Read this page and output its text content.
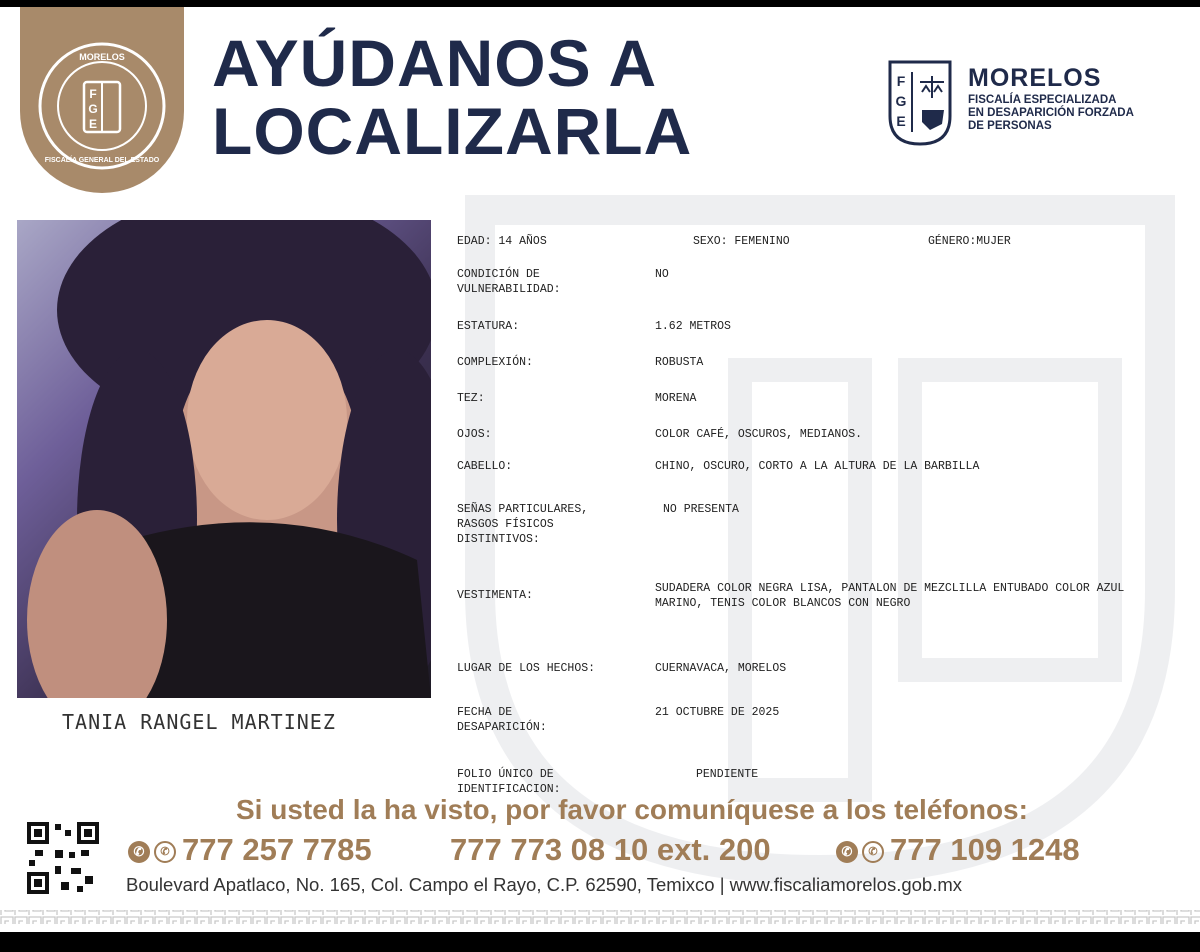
F
G
E
MORELOS
FISCALÍA GENERAL DEL ESTADO
AYÚDANOS A
LOCALIZARLA
F
G
E
MORELOS
FISCALÍA ESPECIALIZADA
EN DESAPARICIÓN FORZADA
DE PERSONAS
TANIA RANGEL MARTINEZ
EDAD: 14 AÑOS	SEXO: FEMENINO	GÉNERO:MUJER
CONDICIÓN DE VULNERABILIDAD:
NO
ESTATURA:	1.62 METROS
COMPLEXIÓN:	ROBUSTA
TEZ:	MORENA
OJOS:	COLOR CAFÉ, OSCUROS, MEDIANOS.
CABELLO:	CHINO, OSCURO, CORTO A LA ALTURA DE LA BARBILLA
SEÑAS PARTICULARES, RASGOS FÍSICOS DISTINTIVOS:
NO PRESENTA
VESTIMENTA:
SUDADERA COLOR NEGRA LISA, PANTALON DE MEZCLILLA ENTUBADO COLOR AZUL MARINO, TENIS COLOR BLANCOS CON NEGRO
LUGAR DE LOS HECHOS:	CUERNAVACA, MORELOS
FECHA DE DESAPARICIÓN:
21 OCTUBRE DE 2025
FOLIO ÚNICO DE IDENTIFICACION:
PENDIENTE
Si usted la ha visto, por favor comuníquese a los teléfonos:
✆ ✆ 777 257 7785	777 773 08 10 ext. 200	✆ ✆ 777 109 1248
Boulevard Apatlaco, No. 165, Col. Campo el Rayo, C.P. 62590, Temixco | www.fiscaliamorelos.gob.mx
